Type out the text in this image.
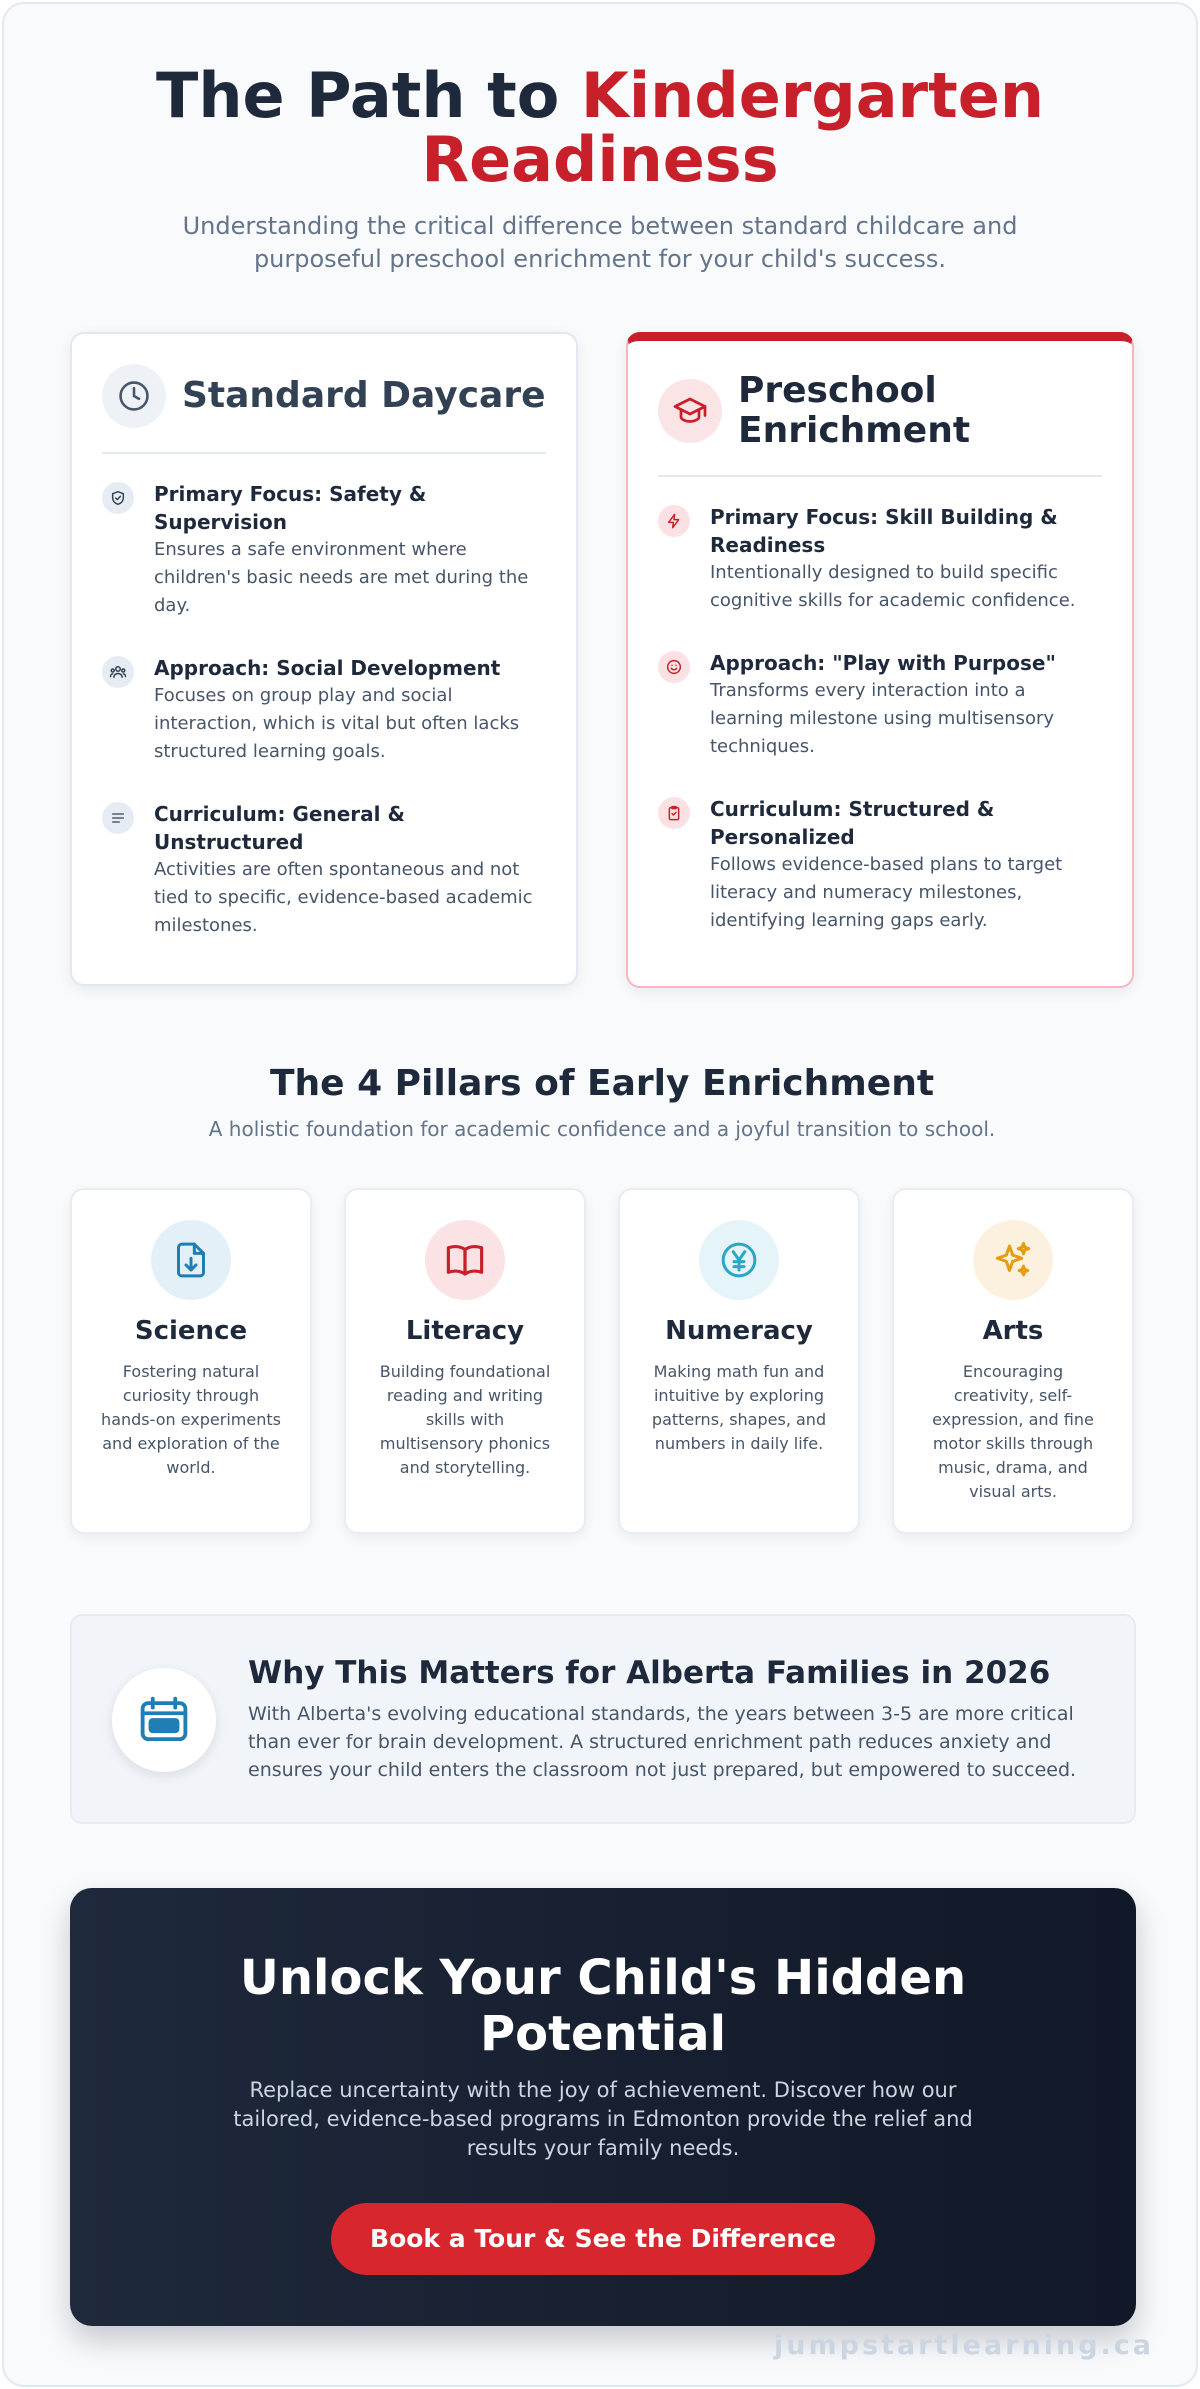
The Path to Kindergarten Readiness

Understanding the critical difference between standard childcare and purposeful preschool enrichment for your child's success.

Standard Daycare
Primary Focus: Safety & Supervision
Ensures a safe environment where children's basic needs are met during the day.
Approach: Social Development
Focuses on group play and social interaction, which is vital but often lacks structured learning goals.
Curriculum: General & Unstructured
Activities are often spontaneous and not tied to specific, evidence-based academic milestones.
Preschool Enrichment
Primary Focus: Skill Building & Readiness
Intentionally designed to build specific cognitive skills for academic confidence.
Approach: "Play with Purpose"
Transforms every interaction into a learning milestone using multisensory techniques.
Curriculum: Structured & Personalized
Follows evidence-based plans to target literacy and numeracy milestones, identifying learning gaps early.
The 4 Pillars of Early Enrichment

A holistic foundation for academic confidence and a joyful transition to school.

Science
Fostering natural curiosity through hands-on experiments and exploration of the world.
Literacy
Building foundational reading and writing skills with multisensory phonics and storytelling.
Numeracy
Making math fun and intuitive by exploring patterns, shapes, and numbers in daily life.
Arts
Encouraging creativity, self-expression, and fine motor skills through music, drama, and visual arts.
Why This Matters for Alberta Families in 2026

With Alberta's evolving educational standards, the years between 3-5 are more critical than ever for brain development. A structured enrichment path reduces anxiety and ensures your child enters the classroom not just prepared, but empowered to succeed.

Unlock Your Child's Hidden Potential

Replace uncertainty with the joy of achievement. Discover how our tailored, evidence-based programs in Edmonton provide the relief and results your family needs.

Book a Tour & See the Difference
jumpstartlearning.ca
